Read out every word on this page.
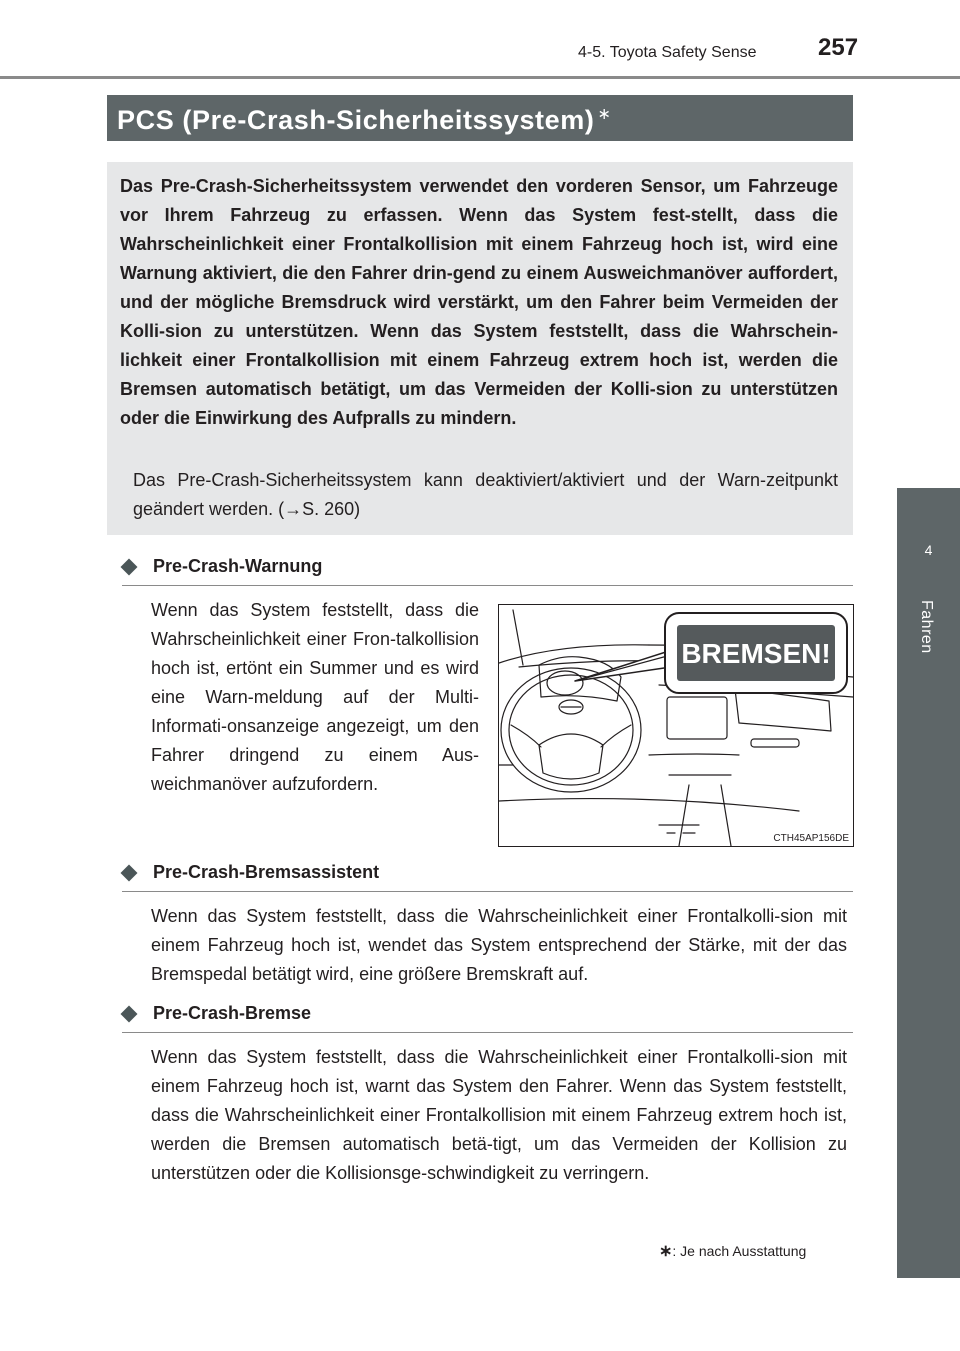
257
4-5. Toyota Safety Sense
4
Fahren
PCS (Pre-Crash-Sicherheitssystem) ∗

Das Pre-Crash-Sicherheitssystem verwendet den vorderen Sensor, um Fahrzeuge vor Ihrem Fahrzeug zu erfassen. Wenn das System fest-stellt, dass die Wahrscheinlichkeit einer Frontalkollision mit einem Fahrzeug hoch ist, wird eine Warnung aktiviert, die den Fahrer drin-gend zu einem Ausweichmanöver auffordert, und der mögliche Bremsdruck wird verstärkt, um den Fahrer beim Vermeiden der Kolli-sion zu unterstützen. Wenn das System feststellt, dass die Wahrschein-lichkeit einer Frontalkollision mit einem Fahrzeug extrem hoch ist, werden die Bremsen automatisch betätigt, um das Vermeiden der Kolli-sion zu unterstützen oder die Einwirkung des Aufpralls zu mindern.

Das Pre-Crash-Sicherheitssystem kann deaktiviert/aktiviert und der Warn-zeitpunkt geändert werden. (→S. 260)

Pre-Crash-Warnung

Wenn das System feststellt, dass die Wahrscheinlichkeit einer Fron-talkollision hoch ist, ertönt ein Summer und es wird eine Warn-meldung auf der Multi-Informati-onsanzeige angezeigt, um den Fahrer dringend zu einem Aus-weichmanöver aufzufordern.

BREMSEN!
CTH45AP156DE
Pre-Crash-Bremsassistent

Wenn das System feststellt, dass die Wahrscheinlichkeit einer Frontalkolli-sion mit einem Fahrzeug hoch ist, wendet das System entsprechend der Stärke, mit der das Bremspedal betätigt wird, eine größere Bremskraft auf.

Pre-Crash-Bremse

Wenn das System feststellt, dass die Wahrscheinlichkeit einer Frontalkolli-sion mit einem Fahrzeug hoch ist, warnt das System den Fahrer. Wenn das System feststellt, dass die Wahrscheinlichkeit einer Frontalkollision mit einem Fahrzeug extrem hoch ist, werden die Bremsen automatisch betä-tigt, um das Vermeiden der Kollision zu unterstützen oder die Kollisionsge-schwindigkeit zu verringern.

∗: Je nach Ausstattung
